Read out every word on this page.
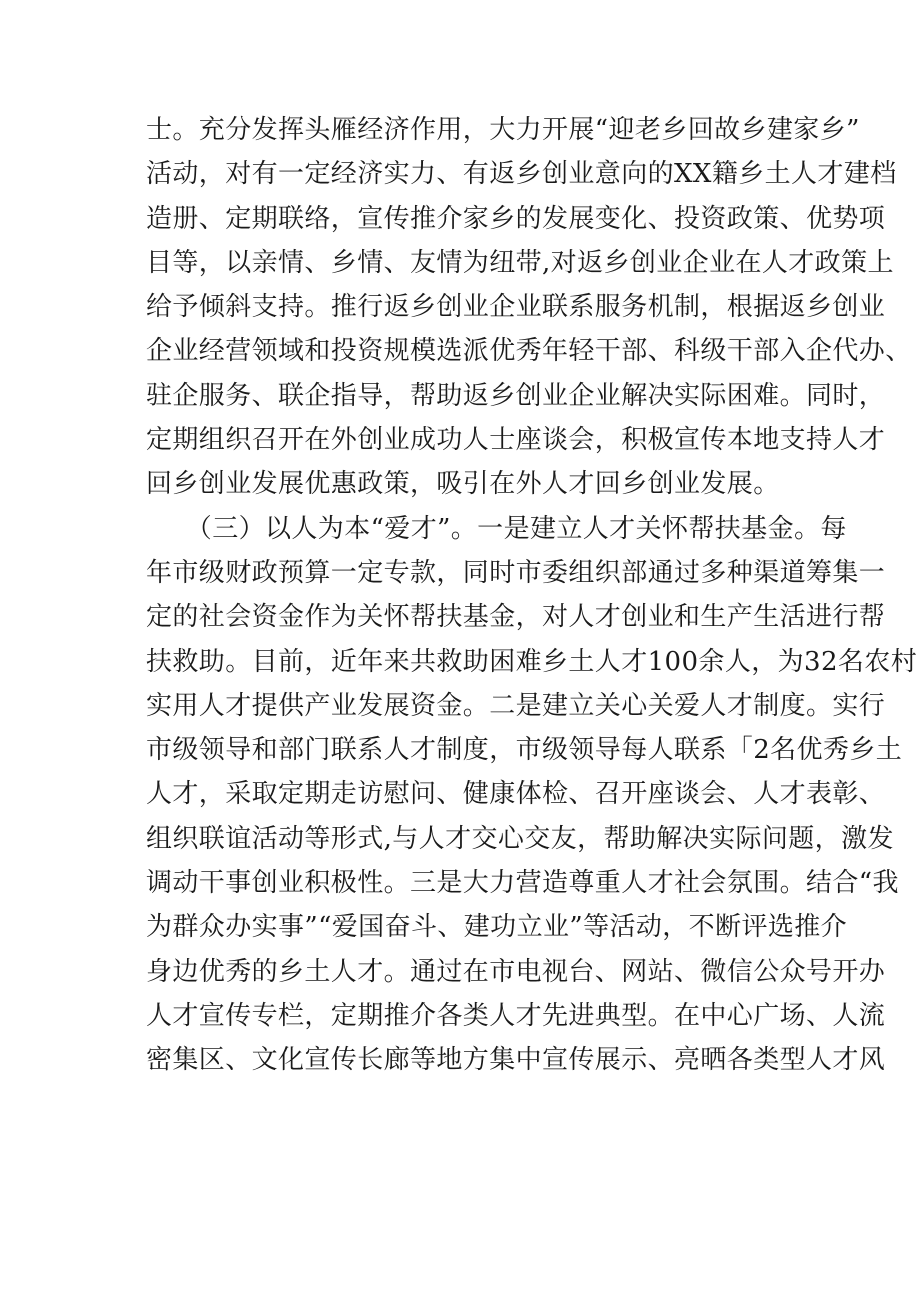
士。充分发挥头雁经济作用，大力开展“迎老乡回故乡建家乡”
活动，对有一定经济实力、有返乡创业意向的XX籍乡土人才建档
造册、定期联络，宣传推介家乡的发展变化、投资政策、优势项
目等，以亲情、乡情、友情为纽带,对返乡创业企业在人才政策上
给予倾斜支持。推行返乡创业企业联系服务机制，根据返乡创业
企业经营领域和投资规模选派优秀年轻干部、科级干部入企代办、
驻企服务、联企指导，帮助返乡创业企业解决实际困难。同时，
定期组织召开在外创业成功人士座谈会，积极宣传本地支持人才
回乡创业发展优惠政策，吸引在外人才回乡创业发展。
　　（三）以人为本“爱才”。一是建立人才关怀帮扶基金。每
年市级财政预算一定专款，同时市委组织部通过多种渠道筹集一
定的社会资金作为关怀帮扶基金，对人才创业和生产生活进行帮
扶救助。目前，近年来共救助困难乡土人才100余人，为32名农村
实用人才提供产业发展资金。二是建立关心关爱人才制度。实行
市级领导和部门联系人才制度，市级领导每人联系「2名优秀乡土
人才，采取定期走访慰问、健康体检、召开座谈会、人才表彰、
组织联谊活动等形式,与人才交心交友，帮助解决实际问题，激发
调动干事创业积极性。三是大力营造尊重人才社会氛围。结合“我
为群众办实事”“爱国奋斗、建功立业”等活动，不断评选推介
身边优秀的乡土人才。通过在市电视台、网站、微信公众号开办
人才宣传专栏，定期推介各类人才先进典型。在中心广场、人流
密集区、文化宣传长廊等地方集中宣传展示、亮晒各类型人才风
